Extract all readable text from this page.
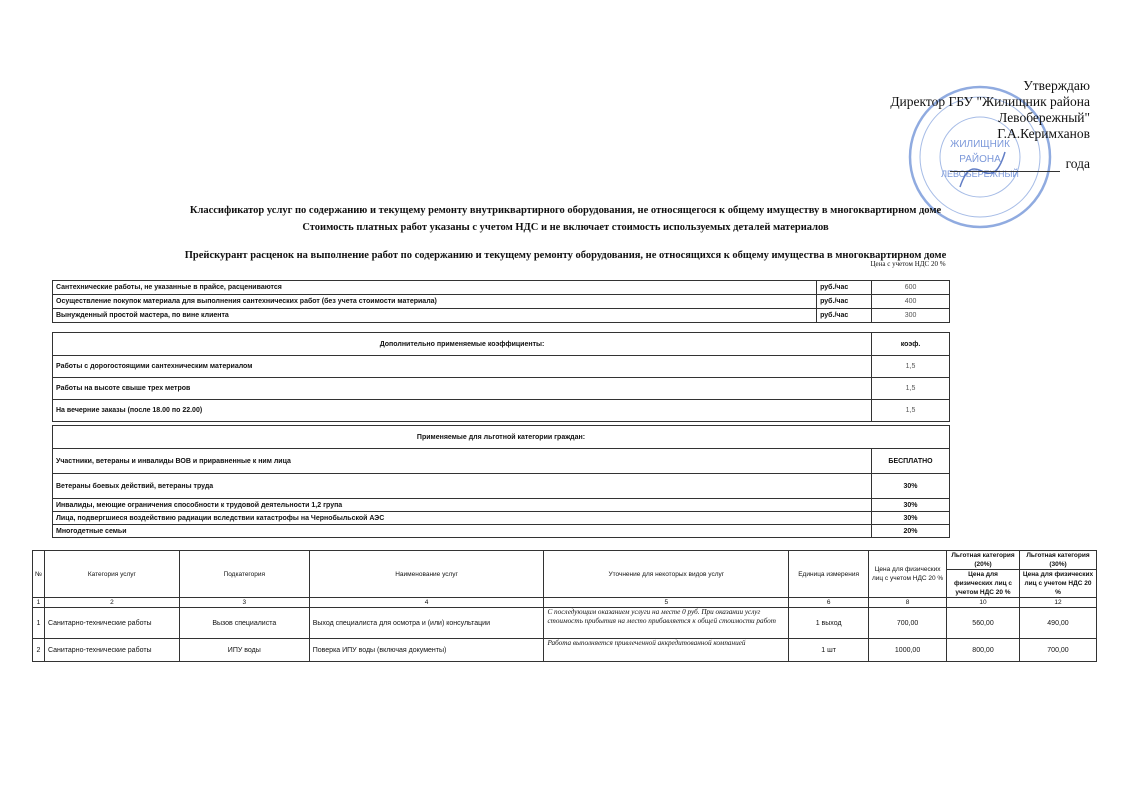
ЖИЛИЩНИК
РАЙОНА
ЛЕВОБЕРЕЖНЫЙ
Утверждаю
Директор ГБУ "Жилищник района
Левобережный"
Г.А.Керимханов
года
Классификатор услуг по содержанию и текущему ремонту внутриквартирного оборудования, не относящегося к общему имуществу в многоквартирном доме
Стоимость платных работ указаны с учетом НДС и не включает стоимость используемых деталей материалов
Прейскурант расценок на выполнение работ по содержанию и текущему ремонту оборудования, не относящихся к общему имущества в многоквартирном доме
Цена с учетом НДС 20 %
Сантехнические работы, не указанные в прайсе, расцениваются	руб./час	600
Осуществление покупок материала для выполнения сантехнических работ (без учета стоимости материала)	руб./час	400
Вынужденный простой мастера, по вине клиента	руб./час	300
Дополнительно применяемые коэффициенты:	коэф.
Работы с дорогостоящими сантехническим материалом	1,5
Работы на высоте свыше трех метров	1,5
На вечерние заказы (после 18.00 по 22.00)	1,5
Применяемые для льготной категории граждан:	
Участники, ветераны и инвалиды ВОВ и приравненные к ним лица	БЕСПЛАТНО
Ветераны боевых действий, ветераны труда	30%
Инвалиды, меющие ограничения способности к трудовой деятельности 1,2 група	30%
Лица, подвергшиеся воздействию радиации вследствии катастрофы на Чернобыльской АЭС	30%
Многодетные семьи	20%
№	Категория услуг	Подкатегория	Наименование услуг	Уточнение для некоторых видов услуг	Единица измерения	Цена для физических лиц с учетом НДС 20 %	Льготная категория (20%)	Льготная категория (30%)
							Цена для физических лиц с учетом НДС 20 %	Цена для физических лиц с учетом НДС 20 %
1	2	3	4	5	6	8	10	12
1	Санитарно-технические работы	Вызов специалиста	Выход специалиста для осмотра и (или) консультации	С последующим оказанием услуги на месте 0 руб. При оказании услуг стоимость прибытия на место прибавляется к общей стоимости работ	1 выход	700,00	560,00	490,00
2	Санитарно-технические работы	ИПУ воды	Поверка ИПУ воды (включая документы)	Работа выполняется привлеченной аккредитованной компанией	1 шт	1000,00	800,00	700,00
